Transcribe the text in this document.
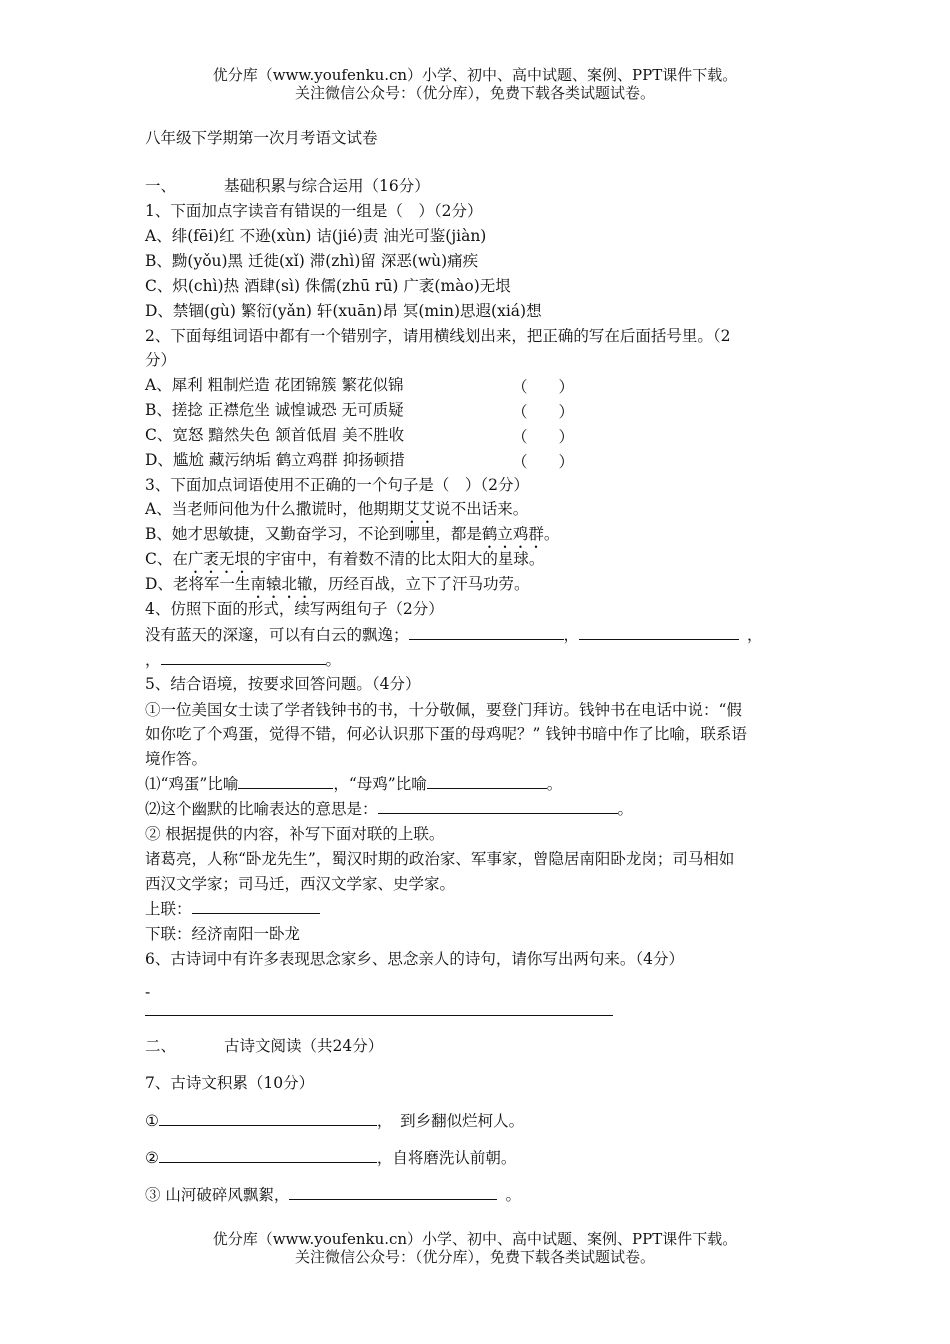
优分库（www.youfenku.cn）小学、初中、高中试题、案例、PPT课件下载。
关注微信公众号：（优分库），免费下载各类试题试卷。
八年级下学期第一次月考语文试卷
一、	基础积累与综合运用（16分）
1、下面加点字读音有错误的一组是（　）（2分）
A、绯(fēi)红 不逊(xùn) 诘(jié)责 油光可鉴(jiàn)
B、黝(yǒu)黑 迁徙(xǐ) 滞(zhì)留 深恶(wù)痛疾
C、炽(chì)热 酒肆(sì) 侏儒(zhū rū) 广袤(mào)无垠
D、禁锢(gù) 繁衍(yǎn) 轩(xuān)昂 冥(min)思遐(xiá)想
2、下面每组词语中都有一个错别字，请用横线划出来，把正确的写在后面括号里。（2
分）
A、犀利 粗制烂造 花团锦簇 繁花似锦	（　　）
B、搓捻 正襟危坐 诚惶诚恐 无可质疑	（　　）
C、宽怒 黯然失色 颔首低眉 美不胜收	（　　）
D、尴尬 藏污纳垢 鹤立鸡群 抑扬顿措	（　　）
3、下面加点词语使用不正确的一个句子是（　）（2分）
A、当老师问他为什么撒谎时，他期期艾艾说不出话来。
B、她才思敏捷，又勤奋学习，不论到哪里，都是鹤立鸡群。
C、在广袤无垠的宇宙中，有着数不清的比太阳大的星球。
D、老将军一生南辕北辙，历经百战，立下了汗马功劳。
4、仿照下面的形式，续写两组句子（2分）
没有蓝天的深邃，可以有白云的飘逸；	，	，
，	。
5、结合语境，按要求回答问题。（4分）
①一位美国女士读了学者钱钟书的书，十分敬佩，要登门拜访。钱钟书在电话中说：“假
如你吃了个鸡蛋，觉得不错，何必认识那下蛋的母鸡呢？” 钱钟书暗中作了比喻，联系语
境作答。
⑴“鸡蛋”比喻	，“母鸡”比喻	。
⑵这个幽默的比喻表达的意思是：	。
② 根据提供的内容，补写下面对联的上联。
诸葛亮，人称“卧龙先生”，蜀汉时期的政治家、军事家，曾隐居南阳卧龙岗；司马相如
西汉文学家；司马迁，西汉文学家、史学家。
上联：
下联：经济南阳一卧龙
6、古诗词中有许多表现思念家乡、思念亲人的诗句，请你写出两句来。（4分）
-
二、	古诗文阅读（共24分）
7、古诗文积累（10分）
①	，　到乡翻似烂柯人。
②	，自将磨洗认前朝。
③ 山河破碎风飘絮，	。
优分库（www.youfenku.cn）小学、初中、高中试题、案例、PPT课件下载。
关注微信公众号：（优分库），免费下载各类试题试卷。
